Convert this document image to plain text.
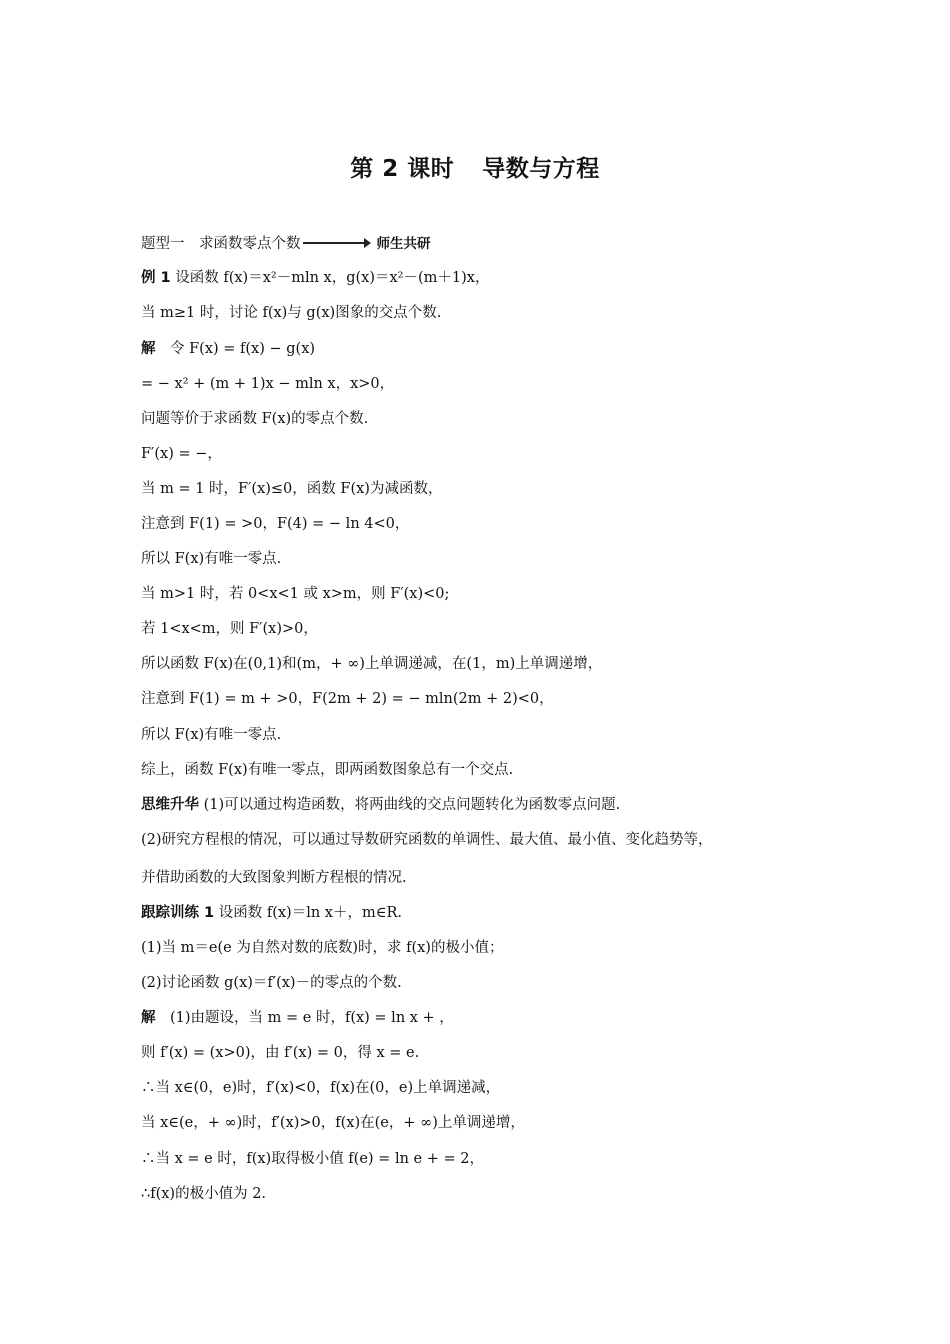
第 2 课时 导数与方程
题型一　求函数零点个数	师生共研
例 1 设函数 f(x)＝x²－mln x，g(x)＝x²－(m＋1)x，
当 m≥1 时，讨论 f(x)与 g(x)图象的交点个数.
解　令 F(x) = f(x) − g(x)
= − x² + (m + 1)x − mln x，x>0，
问题等价于求函数 F(x)的零点个数.
F′(x) = −，
当 m = 1 时，F′(x)≤0，函数 F(x)为减函数，
注意到 F(1) = >0，F(4) = − ln 4<0，
所以 F(x)有唯一零点.
当 m>1 时，若 0<x<1 或 x>m，则 F′(x)<0;
若 1<x<m，则 F′(x)>0，
所以函数 F(x)在(0,1)和(m，+ ∞)上单调递减，在(1，m)上单调递增，
注意到 F(1) = m + >0，F(2m + 2) = − mln(2m + 2)<0，
所以 F(x)有唯一零点.
综上，函数 F(x)有唯一零点，即两函数图象总有一个交点.
思维升华 (1)可以通过构造函数，将两曲线的交点问题转化为函数零点问题.
(2)研究方程根的情况，可以通过导数研究函数的单调性、最大值、最小值、变化趋势等，
并借助函数的大致图象判断方程根的情况.
跟踪训练 1 设函数 f(x)＝ln x＋，m∈R.
(1)当 m＝e(e 为自然对数的底数)时，求 f(x)的极小值；
(2)讨论函数 g(x)＝f′(x)－的零点的个数.
解　(1)由题设，当 m = e 时，f(x) = ln x + ，
则 f′(x) = (x>0)，由 f′(x) = 0，得 x = e.
∴当 x∈(0，e)时，f′(x)<0，f(x)在(0，e)上单调递减，
当 x∈(e，+ ∞)时，f′(x)>0，f(x)在(e，+ ∞)上单调递增，
∴当 x = e 时，f(x)取得极小值 f(e) = ln e + = 2，
∴f(x)的极小值为 2.
